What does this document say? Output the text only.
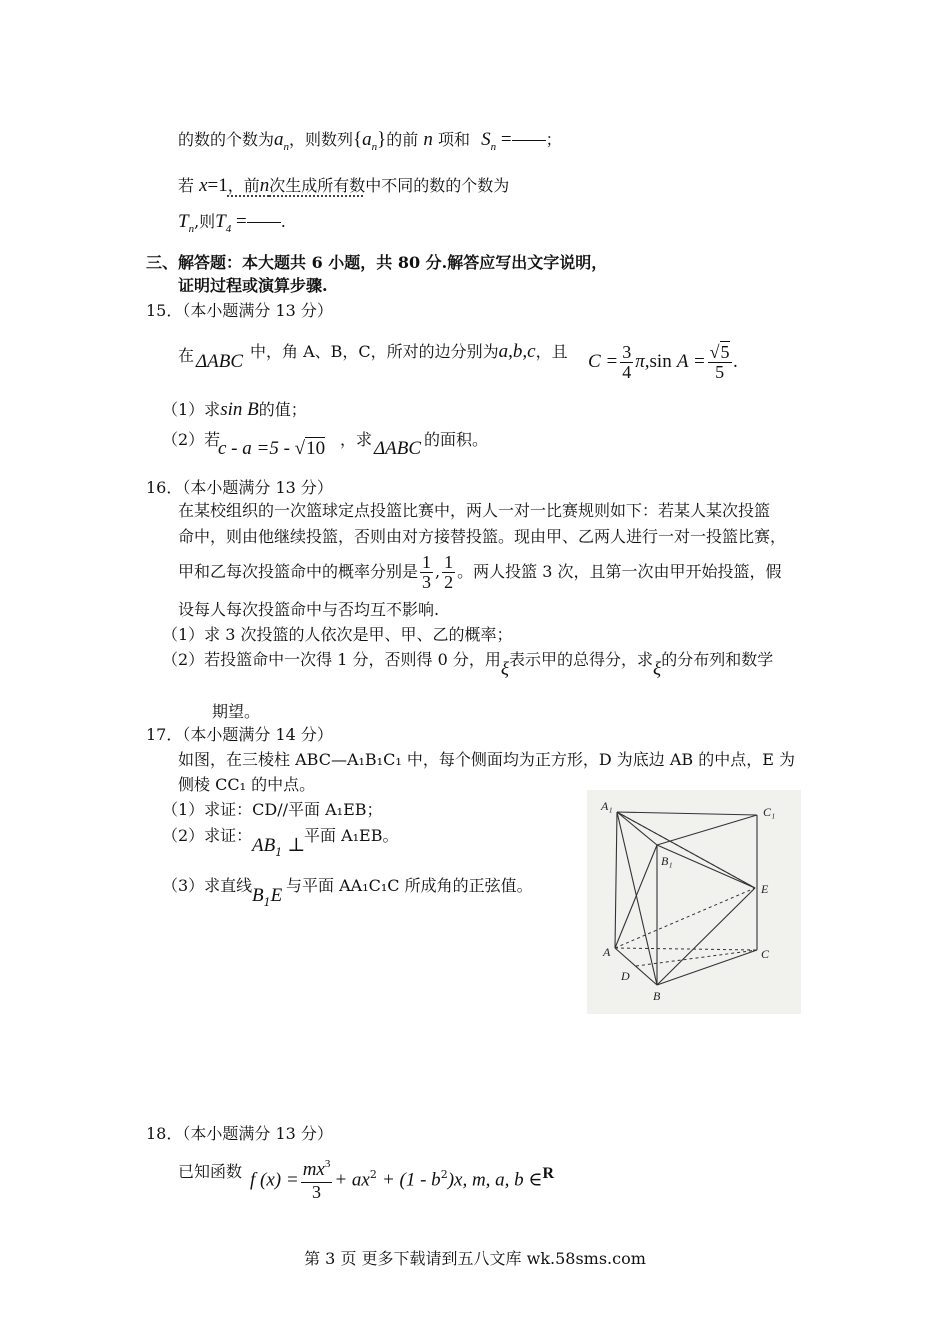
的数的个数为$a_n$，则数列$\{a_n\}$的前 n 项和 $S_n$ = ；
若 x=1，前n次生成所有数中不同的数的个数为
$T_n$,则$T_4$ = .
三、解答题：本大题共 6 小题，共 80 分.解答应写出文字说明，
证明过程或演算步骤.
15．（本小题满分 13 分）
在 ΔABC 中，角 A、B，C，所对的边分别为a,b,c，且 $C = \frac{3}{4} \pi,\sin$ $A = \frac{√5}{5}$ .
（1）求sin B的值；
（2）若
c - a =5 - √10 ，求 ΔABC 的面积。
16．（本小题满分 13 分）
在某校组织的一次篮球定点投篮比赛中，两人一对一比赛规则如下：若某人某次投篮
命中，则由他继续投篮，否则由对方接替投篮。现由甲、乙两人进行一对一投篮比赛，
甲和乙每次投篮命中的概率分别是 $\frac{1}{3}$ , $\frac{1}{2}$ 。两人投篮 3 次，且第一次由甲开始投篮，假
设每人每次投篮命中与否均互不影响.
（1）求 3 次投篮的人依次是甲、甲、乙的概率；
（2）若投篮命中一次得 1 分，否则得 0 分，用ξ表示甲的总得分，求ξ的分布列和数学
期望。
17．（本小题满分 14 分）
如图，在三棱柱 ABC—A₁B₁C₁ 中，每个侧面均为正方形，D 为底边 AB 的中点，E 为
侧棱 CC₁ 的中点。
（1）求证：CD//平面 A₁EB；
（2）求证： $AB_1$ ⊥
平面 A₁EB。
（3）求直线 $B_1E$ 与平面 AA₁C₁C 所成角的正弦值。
A₁	C₁
B₁
E
A	C
D
B
18．（本小题满分 13 分）
已知函数 f $(x) = \frac{mx^3}{3} + ax^2 + (1 - b^2)x$, m, a, b ∈R
第 3 页 更多下载请到五八文库 wk.58sms.com
